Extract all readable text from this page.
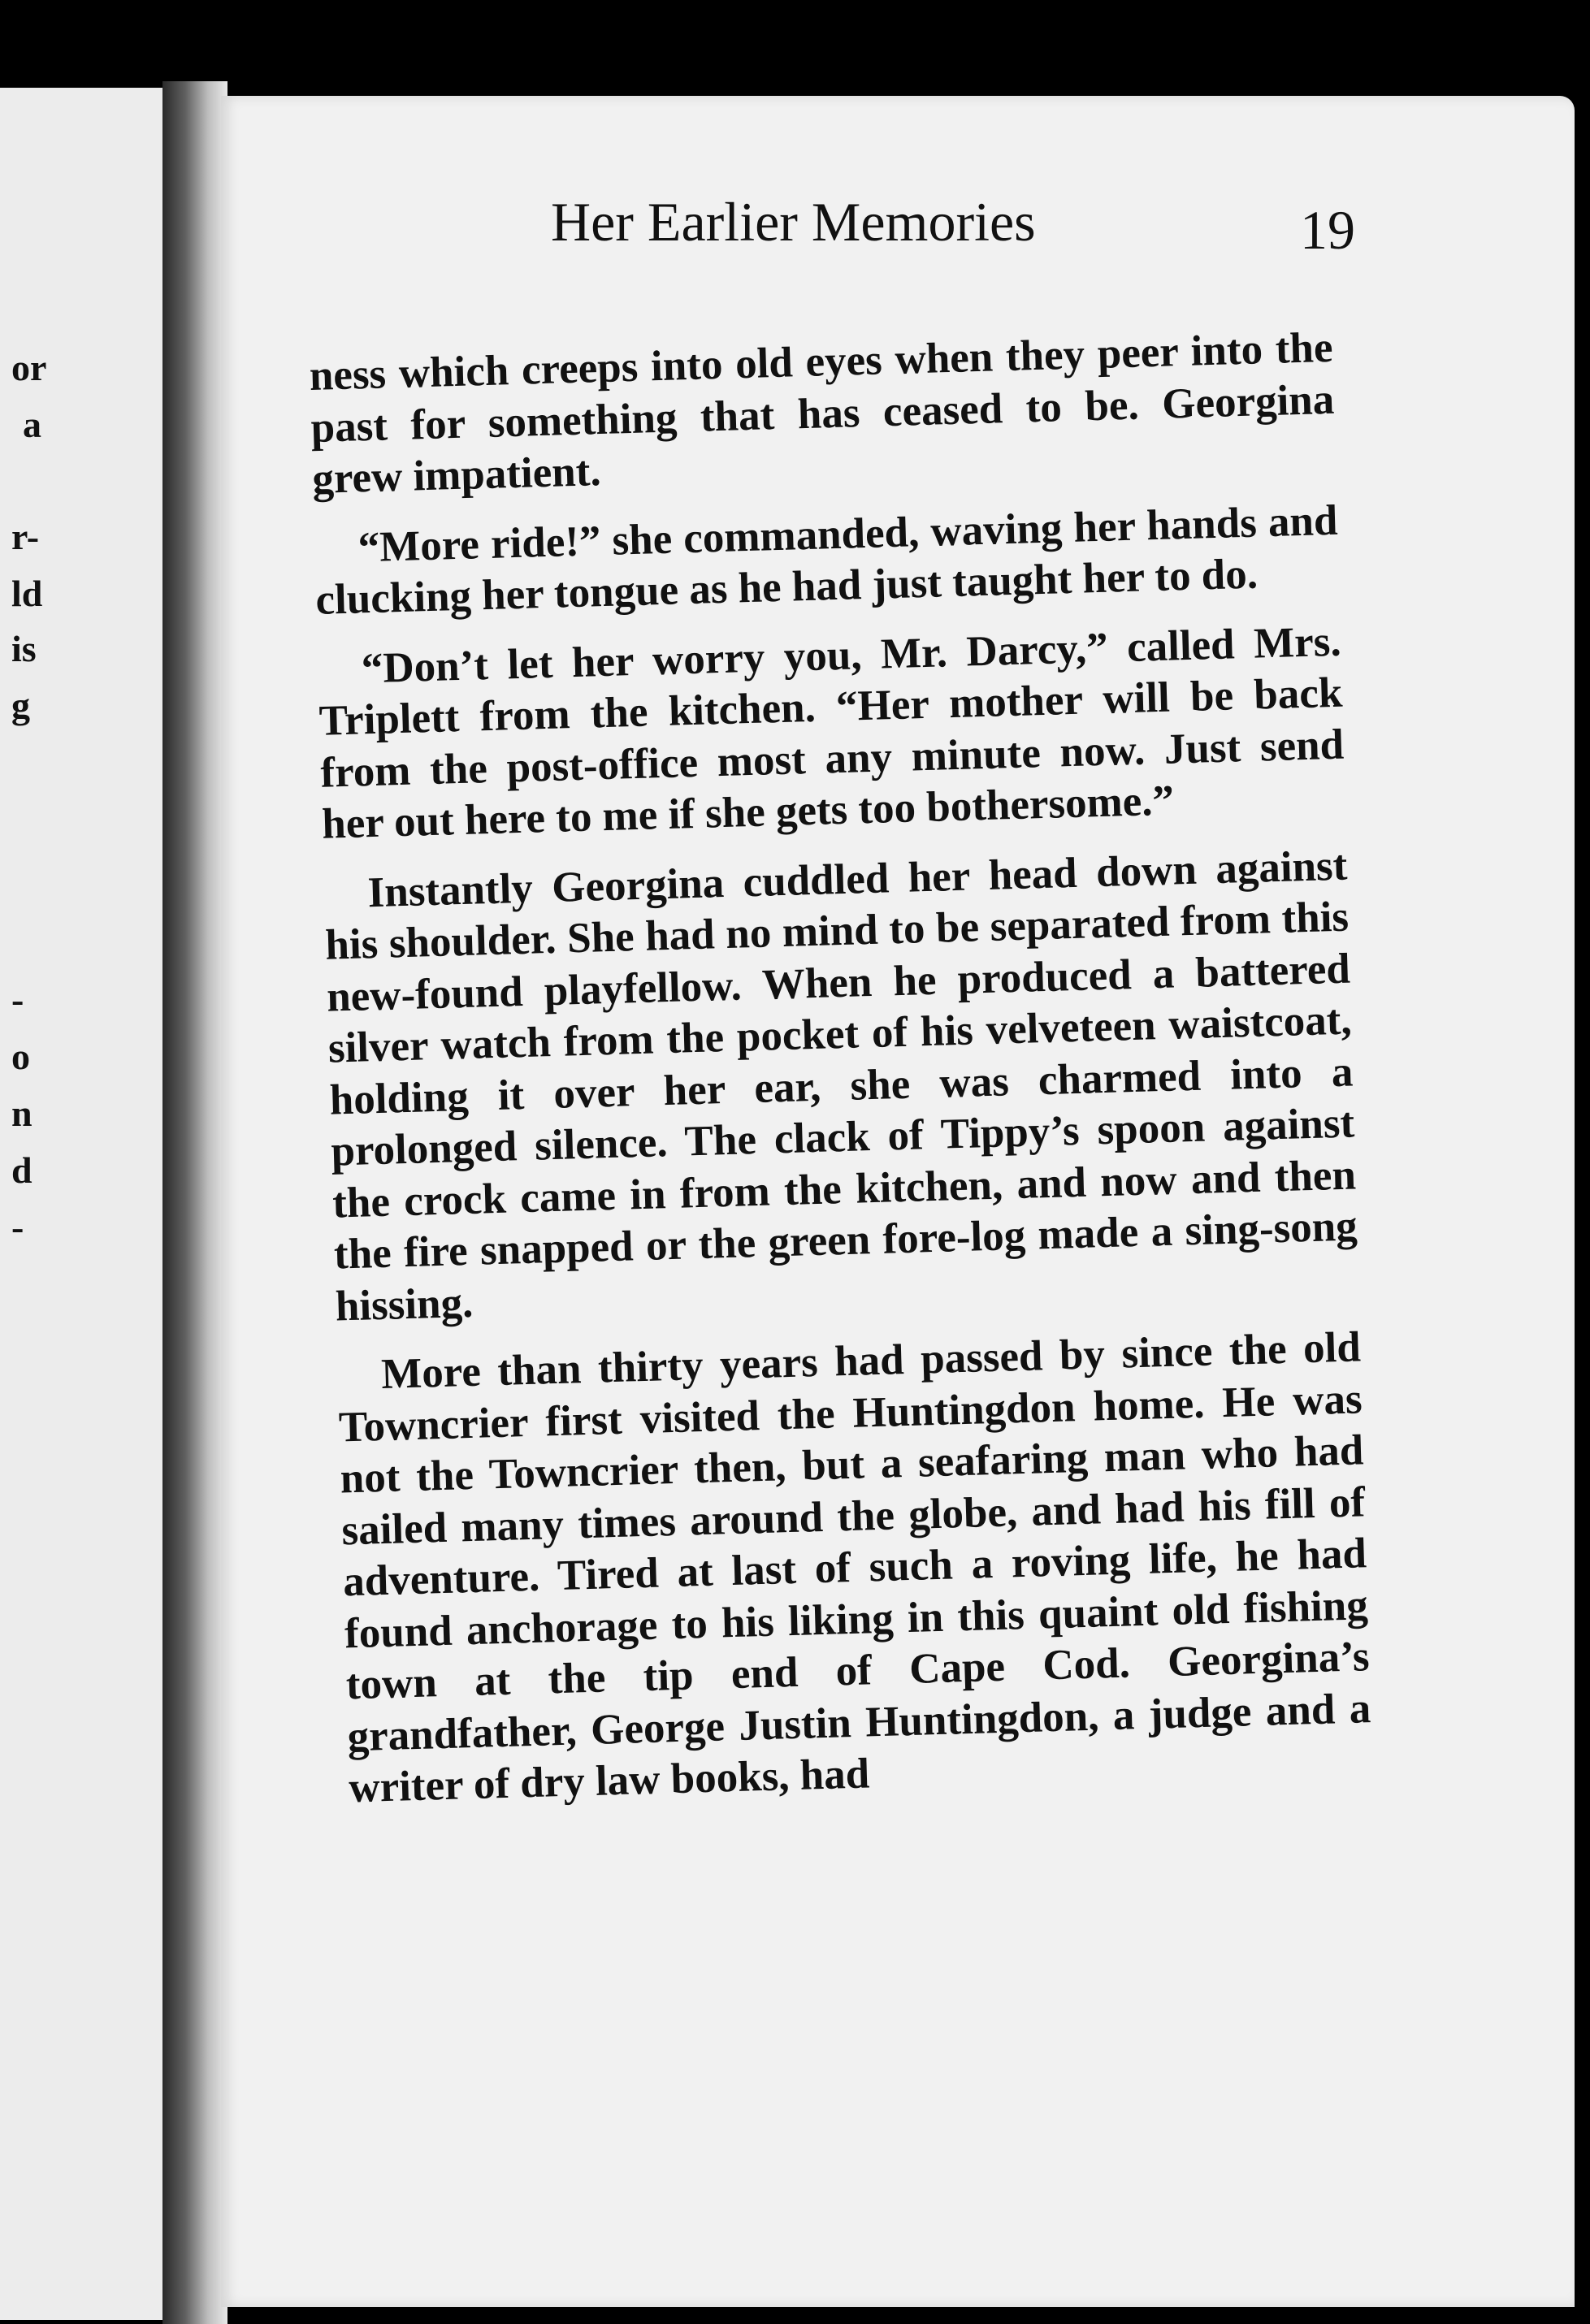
or
a
r-
ld
is
g
-
o
n
d
-
Her Earlier Memories	19

ness which creeps into old eyes when they peer into the past for something that has ceased to be. Georgina grew impatient.

“More ride!” she commanded, waving her hands and clucking her tongue as he had just taught her to do.

“Don’t let her worry you, Mr. Darcy,” called Mrs. Triplett from the kitchen. “Her mother will be back from the post-office most any minute now. Just send her out here to me if she gets too bothersome.”

Instantly Georgina cuddled her head down against his shoulder. She had no mind to be separated from this new-found playfellow. When he produced a battered silver watch from the pocket of his velveteen waistcoat, holding it over her ear, she was charmed into a prolonged silence. The clack of Tippy’s spoon against the crock came in from the kitchen, and now and then the fire snapped or the green fore-log made a sing-song hissing.

More than thirty years had passed by since the old Towncrier first visited the Huntingdon home. He was not the Towncrier then, but a seafaring man who had sailed many times around the globe, and had his fill of adventure. Tired at last of such a roving life, he had found anchorage to his liking in this quaint old fishing town at the tip end of Cape Cod. Georgina’s grandfather, George Justin Huntingdon, a judge and a writer of dry law books, had
